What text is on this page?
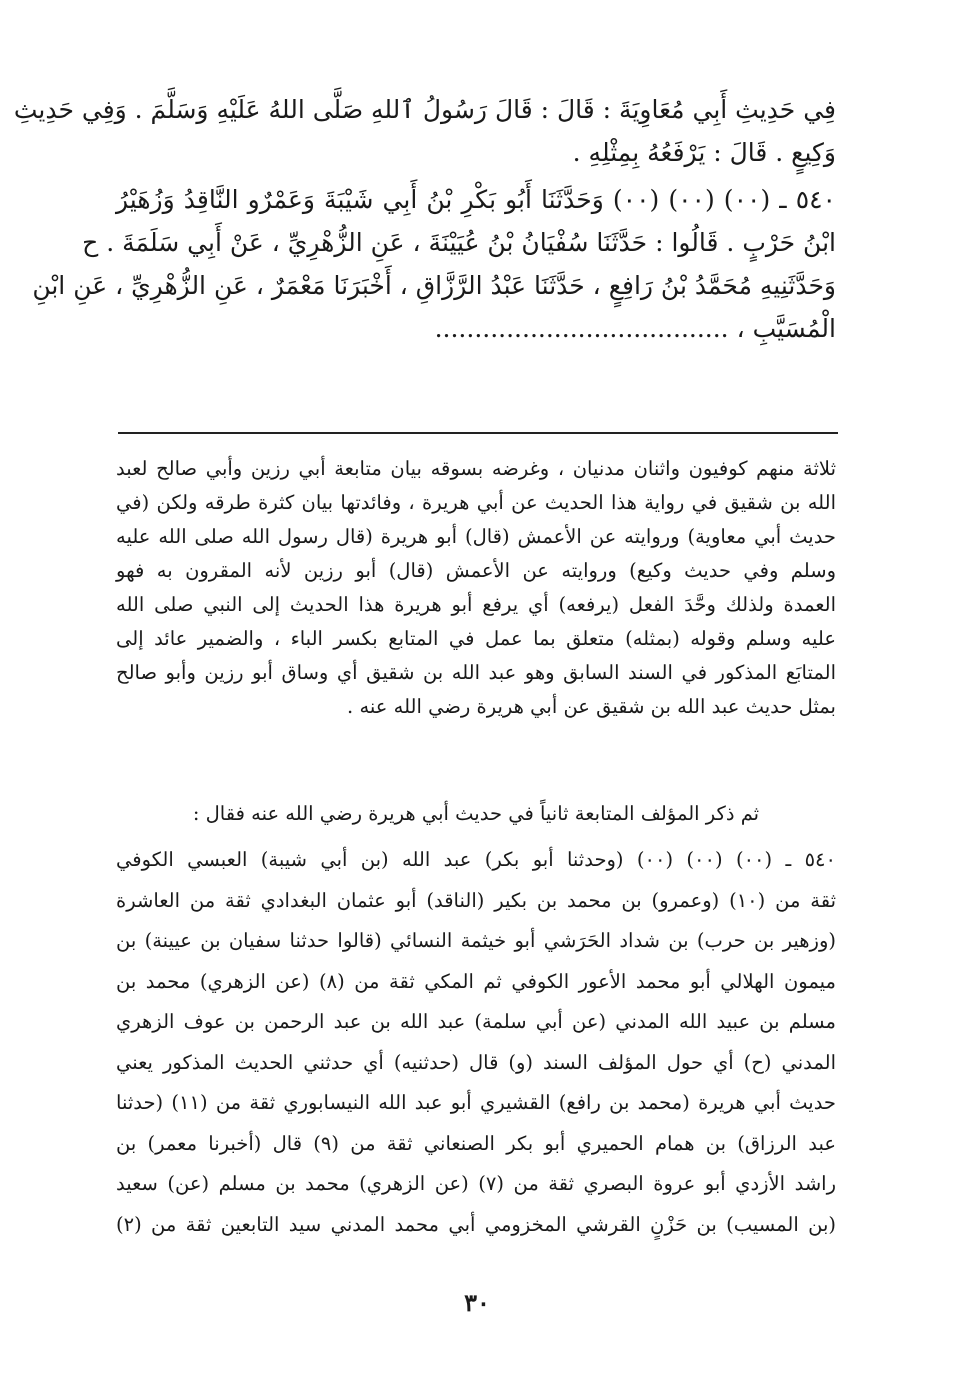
فِي حَدِيثِ أَبِي مُعَاوِيَةَ : قَالَ : قَالَ رَسُولُ ٱللهِ صَلَّى اللهُ عَلَيْهِ وَسَلَّمَ . وَفِي حَدِيثِ
وَكِيعٍ . قَالَ : يَرْفَعُهُ بِمِثْلِهِ .
٥٤٠ ـ (٠٠) (٠٠) (٠٠) وَحَدَّثَنَا أَبُو بَكْرِ بْنُ أَبِي شَيْبَةَ وَعَمْرٌو النَّاقِدُ وَزُهَيْرُ
ابْنُ حَرْبٍ . قَالُوا : حَدَّثَنَا سُفْيَانُ بْنُ عُيَيْنَةَ ، عَنِ الزُّهْرِيِّ ، عَنْ أَبِي سَلَمَةَ . ح
وَحَدَّثَنِيهِ مُحَمَّدُ بْنُ رَافِعٍ ، حَدَّثَنَا عَبْدُ الرَّزَّاقِ ، أَخْبَرَنَا مَعْمَرٌ ، عَنِ الزُّهْرِيِّ ، عَنِ ابْنِ
الْمُسَيَّبِ ، .....................................
ثلاثة منهم كوفيون واثنان مدنيان ، وغرضه بسوقه بيان متابعة أبي رزين وأبي صالح لعبد
الله بن شقيق في رواية هذا الحديث عن أبي هريرة ، وفائدتها بيان كثرة طرقه ولكن (في
حديث أبي معاوية) وروايته عن الأعمش (قال) أبو هريرة (قال رسول الله صلى الله عليه
وسلم وفي حديث وكيع) وروايته عن الأعمش (قال) أبو رزين لأنه المقرون به فهو
العمدة ولذلك وحَّدَ الفعل (يرفعه) أي يرفع أبو هريرة هذا الحديث إلى النبي صلى الله
عليه وسلم وقوله (بمثله) متعلق بما عمل في المتابع بكسر الباء ، والضمير عائد إلى
المتابَع المذكور في السند السابق وهو عبد الله بن شقيق أي وساق أبو رزين وأبو صالح
بمثل حديث عبد الله بن شقيق عن أبي هريرة رضي الله عنه .
ثم ذكر المؤلف المتابعة ثانياً في حديث أبي هريرة رضي الله عنه فقال :
٥٤٠ ـ (٠٠) (٠٠) (٠٠) (وحدثنا أبو بكر) عبد الله (بن أبي شيبة) العبسي الكوفي
ثقة من (١٠) (وعمرو) بن محمد بن بكير (الناقد) أبو عثمان البغدادي ثقة من العاشرة
(وزهير بن حرب) بن شداد الحَرَشي أبو خيثمة النسائي (قالوا حدثنا سفيان بن عيينة) بن
ميمون الهلالي أبو محمد الأعور الكوفي ثم المكي ثقة من (٨) (عن الزهري) محمد بن
مسلم بن عبيد الله المدني (عن أبي سلمة) عبد الله بن عبد الرحمن بن عوف الزهري
المدني (ح) أي حول المؤلف السند (و) قال (حدثنيه) أي حدثني الحديث المذكور يعني
حديث أبي هريرة (محمد بن رافع) القشيري أبو عبد الله النيسابوري ثقة من (١١) (حدثنا
عبد الرزاق) بن همام الحميري أبو بكر الصنعاني ثقة من (٩) قال (أخبرنا معمر) بن
راشد الأزدي أبو عروة البصري ثقة من (٧) (عن الزهري) محمد بن مسلم (عن) سعيد
(بن المسيب) بن حَزْنٍ القرشي المخزومي أبي محمد المدني سيد التابعين ثقة من (٢)
٣٠
